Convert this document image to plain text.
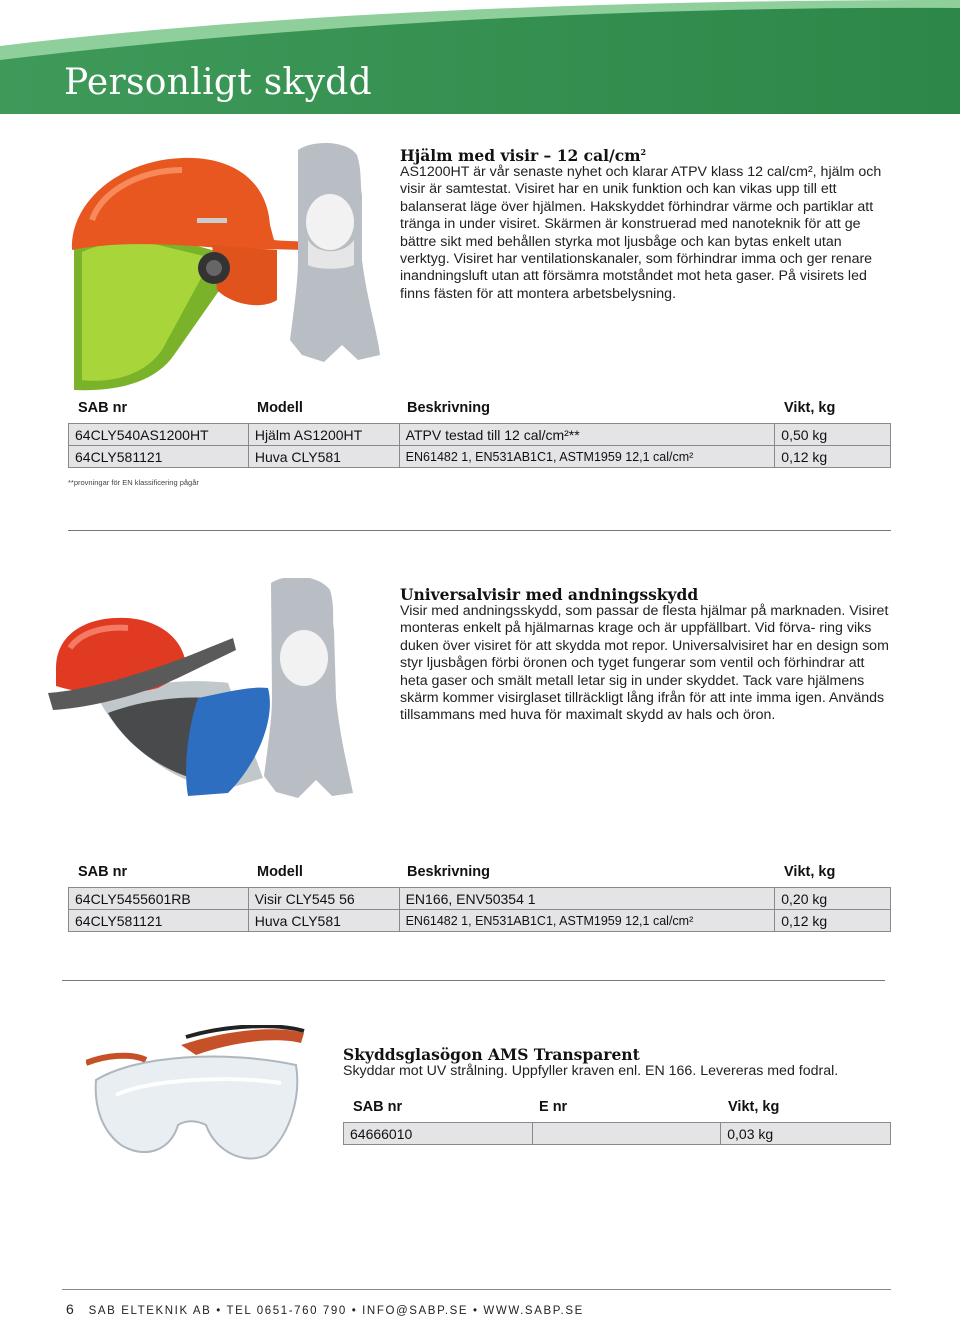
Personligt skydd
Hjälm med visir – 12 cal/$cm^2$

AS1200HT är vår senaste nyhet och klarar ATPV klass 12 cal/cm², hjälm och visir är samtestat. Visiret har en unik funktion och kan vikas upp till ett balanserat läge över hjälmen. Hakskyddet förhindrar värme och partiklar att tränga in under visiret. Skärmen är konstruerad med nanoteknik för att ge bättre sikt med behållen styrka mot ljusbåge och kan bytas enkelt utan verktyg. Visiret har ventilationskanaler, som förhindrar imma och ger renare inandningsluft utan att försämra motståndet mot heta gaser. På visirets led finns fästen för att montera arbetsbelysning.

SAB nr	Modell	Beskrivning	Vikt, kg
64CLY540AS1200HT	Hjälm AS1200HT	ATPV testad till 12 cal/cm²**	0,50 kg
64CLY581121	Huva CLY581	EN61482 1, EN531AB1C1, ASTM1959 12,1 cal/cm²	0,12 kg
**provningar för EN klassificering pågår
Universalvisir med andningsskydd

Visir med andningsskydd, som passar de flesta hjälmar på marknaden. Visiret monteras enkelt på hjälmarnas krage och är uppfällbart. Vid förva- ring viks duken över visiret för att skydda mot repor. Universalvisiret har en design som styr ljusbågen förbi öronen och tyget fungerar som ventil och förhindrar att heta gaser och smält metall letar sig in under skyddet. Tack vare hjälmens skärm kommer visirglaset tillräckligt lång ifrån för att inte imma igen. Används tillsammans med huva för maximalt skydd av hals och öron.

SAB nr	Modell	Beskrivning	Vikt, kg
64CLY5455601RB	Visir CLY545 56	EN166, ENV50354 1	0,20 kg
64CLY581121	Huva CLY581	EN61482 1, EN531AB1C1, ASTM1959 12,1 cal/cm²	0,12 kg
Skyddsglasögon AMS Transparent

Skyddar mot UV strålning. Uppfyller kraven enl. EN 166. Levereras med fodral.

SAB nr	E nr	Vikt, kg
64666010		0,03 kg
6 SAB ELTEKNIK AB • TEL 0651-760 790 • INFO@SABP.SE • WWW.SABP.SE
